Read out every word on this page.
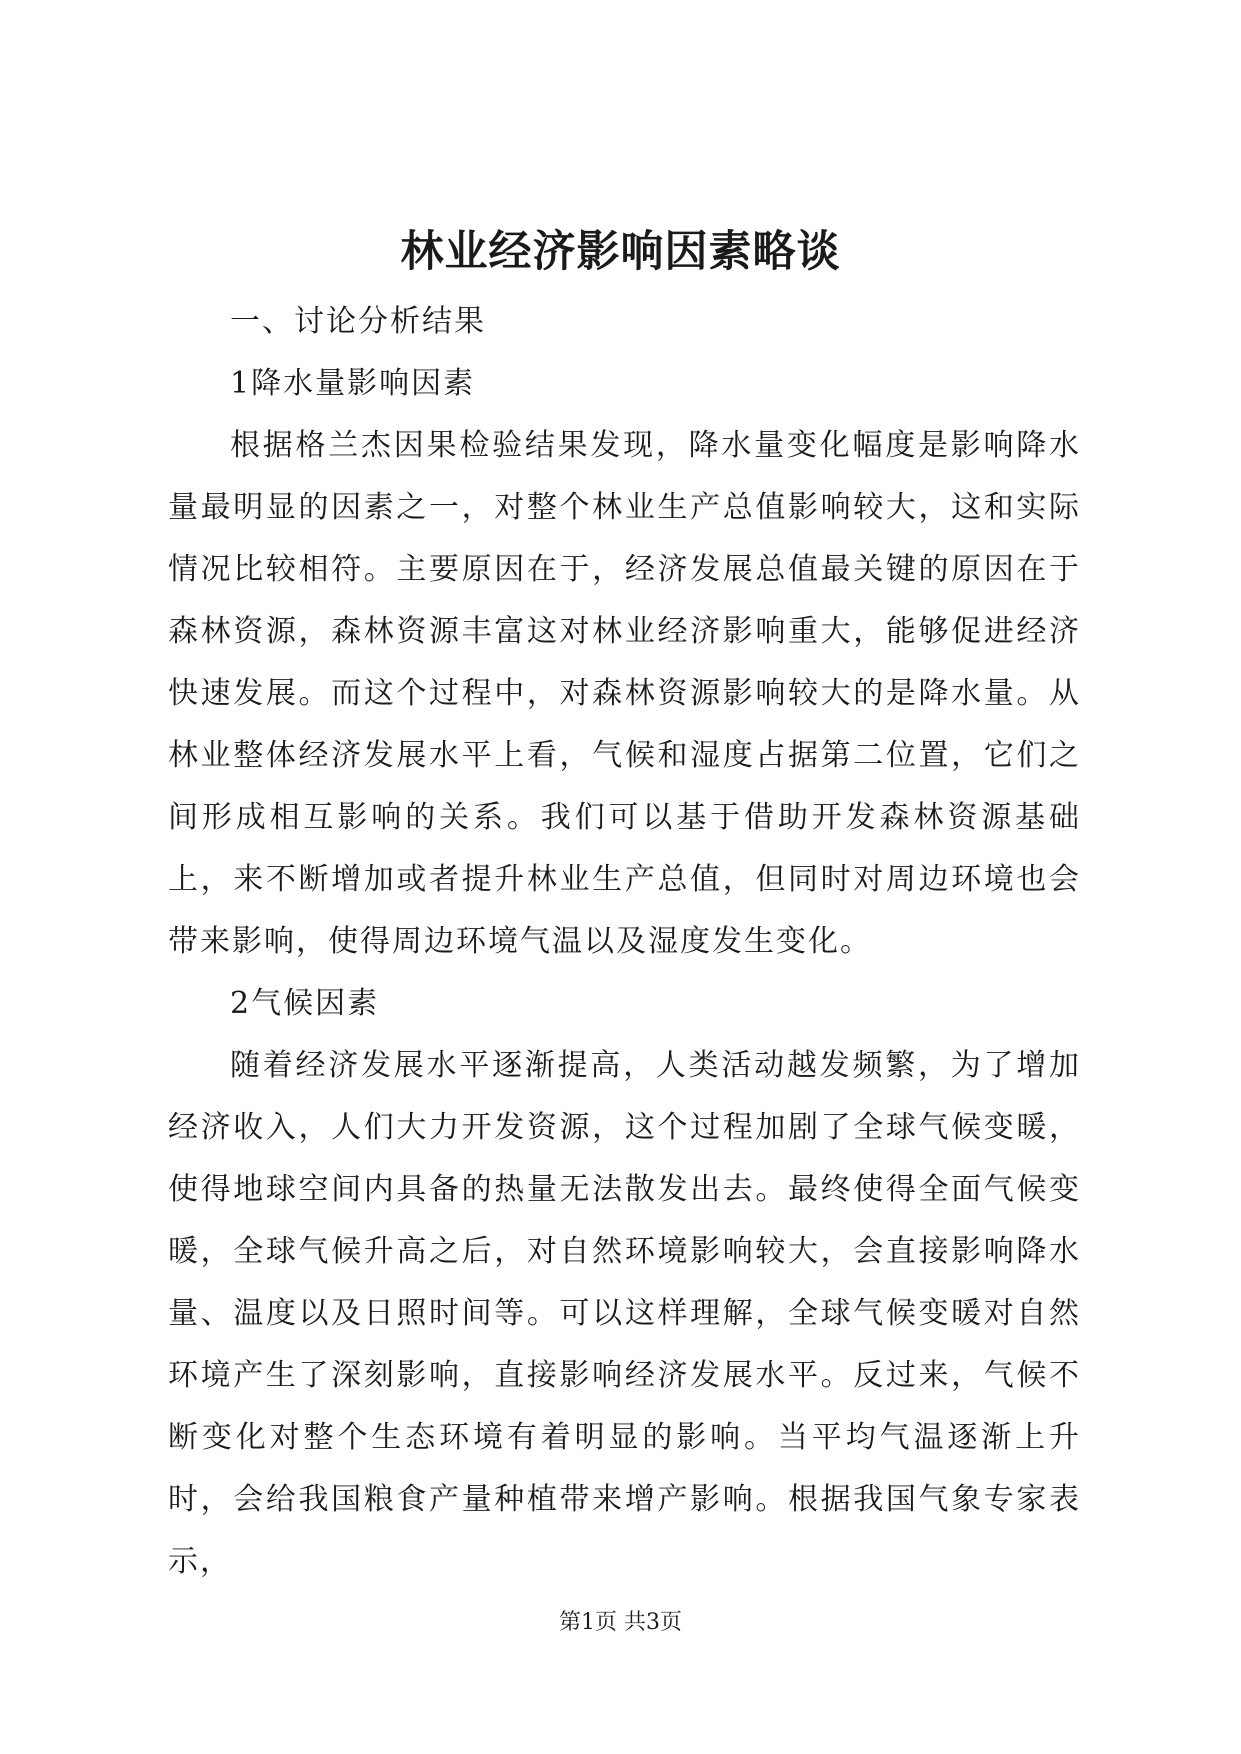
林业经济影响因素略谈

一、讨论分析结果

1降水量影响因素

根据格兰杰因果检验结果发现，降水量变化幅度是影响降水量最明显的因素之一，对整个林业生产总值影响较大，这和实际情况比较相符。主要原因在于，经济发展总值最关键的原因在于森林资源，森林资源丰富这对林业经济影响重大，能够促进经济快速发展。而这个过程中，对森林资源影响较大的是降水量。从林业整体经济发展水平上看，气候和湿度占据第二位置，它们之间形成相互影响的关系。我们可以基于借助开发森林资源基础上，来不断增加或者提升林业生产总值，但同时对周边环境也会带来影响，使得周边环境气温以及湿度发生变化。

2气候因素

随着经济发展水平逐渐提高，人类活动越发频繁，为了增加经济收入，人们大力开发资源，这个过程加剧了全球气候变暖，使得地球空间内具备的热量无法散发出去。最终使得全面气候变暖，全球气候升高之后，对自然环境影响较大，会直接影响降水量、温度以及日照时间等。可以这样理解，全球气候变暖对自然环境产生了深刻影响，直接影响经济发展水平。反过来，气候不断变化对整个生态环境有着明显的影响。当平均气温逐渐上升时，会给我国粮食产量种植带来增产影响。根据我国气象专家表示，

第1页 共3页
